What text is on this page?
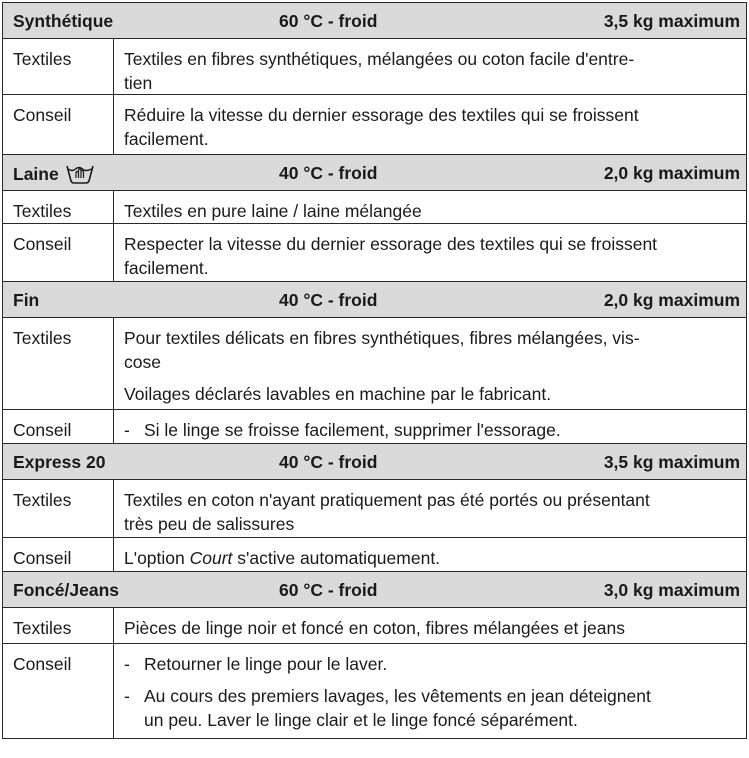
Synthétique	60 °C - froid	3,5 kg maximum
Textiles	Textiles en fibres synthétiques, mélangées ou coton facile d'entre-
tien
Conseil	Réduire la vitesse du dernier essorage des textiles qui se froissent
facilement.
Laine	40 °C - froid	2,0 kg maximum
Textiles	Textiles en pure laine / laine mélangée
Conseil	Respecter la vitesse du dernier essorage des textiles qui se froissent
facilement.
Fin	40 °C - froid	2,0 kg maximum
Textiles	Pour textiles délicats en fibres synthétiques, fibres mélangées, vis-
cose

Voilages déclarés lavables en machine par le fabricant.

Conseil	- Si le linge se froisse facilement, supprimer l'essorage.
Express 20	40 °C - froid	3,5 kg maximum
Textiles	Textiles en coton n'ayant pratiquement pas été portés ou présentant
très peu de salissures
Conseil	L'option Court s'active automatiquement.
Foncé/Jeans	60 °C - froid	3,0 kg maximum
Textiles	Pièces de linge noir et foncé en coton, fibres mélangées et jeans
Conseil	- Retourner le linge pour le laver.
- Au cours des premiers lavages, les vêtements en jean déteignent
un peu. Laver le linge clair et le linge foncé séparément.
